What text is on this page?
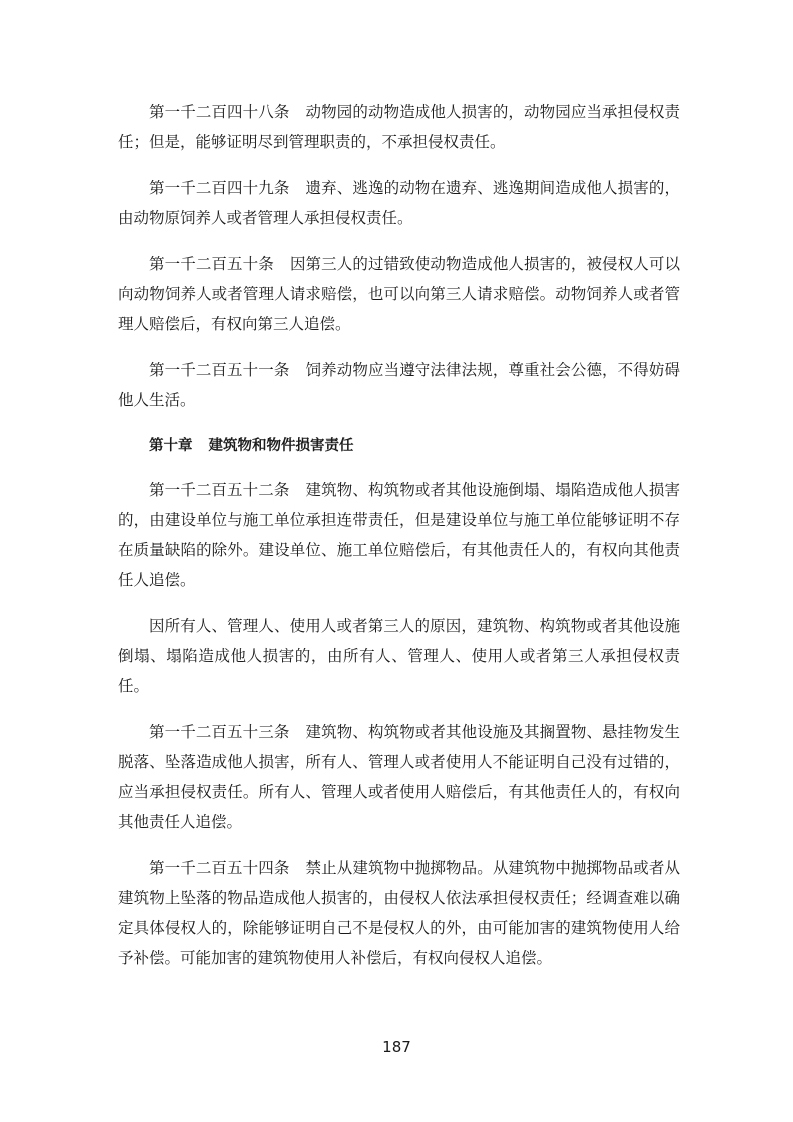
第一千二百四十八条 动物园的动物造成他人损害的，动物园应当承担侵权责任；但是，能够证明尽到管理职责的，不承担侵权责任。

第一千二百四十九条 遗弃、逃逸的动物在遗弃、逃逸期间造成他人损害的，由动物原饲养人或者管理人承担侵权责任。

第一千二百五十条 因第三人的过错致使动物造成他人损害的，被侵权人可以向动物饲养人或者管理人请求赔偿，也可以向第三人请求赔偿。动物饲养人或者管理人赔偿后，有权向第三人追偿。

第一千二百五十一条 饲养动物应当遵守法律法规，尊重社会公德，不得妨碍他人生活。

第十章 建筑物和物件损害责任

第一千二百五十二条 建筑物、构筑物或者其他设施倒塌、塌陷造成他人损害的，由建设单位与施工单位承担连带责任，但是建设单位与施工单位能够证明不存在质量缺陷的除外。建设单位、施工单位赔偿后，有其他责任人的，有权向其他责任人追偿。

因所有人、管理人、使用人或者第三人的原因，建筑物、构筑物或者其他设施倒塌、塌陷造成他人损害的，由所有人、管理人、使用人或者第三人承担侵权责任。

第一千二百五十三条 建筑物、构筑物或者其他设施及其搁置物、悬挂物发生脱落、坠落造成他人损害，所有人、管理人或者使用人不能证明自己没有过错的，应当承担侵权责任。所有人、管理人或者使用人赔偿后，有其他责任人的，有权向其他责任人追偿。

第一千二百五十四条 禁止从建筑物中抛掷物品。从建筑物中抛掷物品或者从建筑物上坠落的物品造成他人损害的，由侵权人依法承担侵权责任；经调查难以确定具体侵权人的，除能够证明自己不是侵权人的外，由可能加害的建筑物使用人给予补偿。可能加害的建筑物使用人补偿后，有权向侵权人追偿。

187
